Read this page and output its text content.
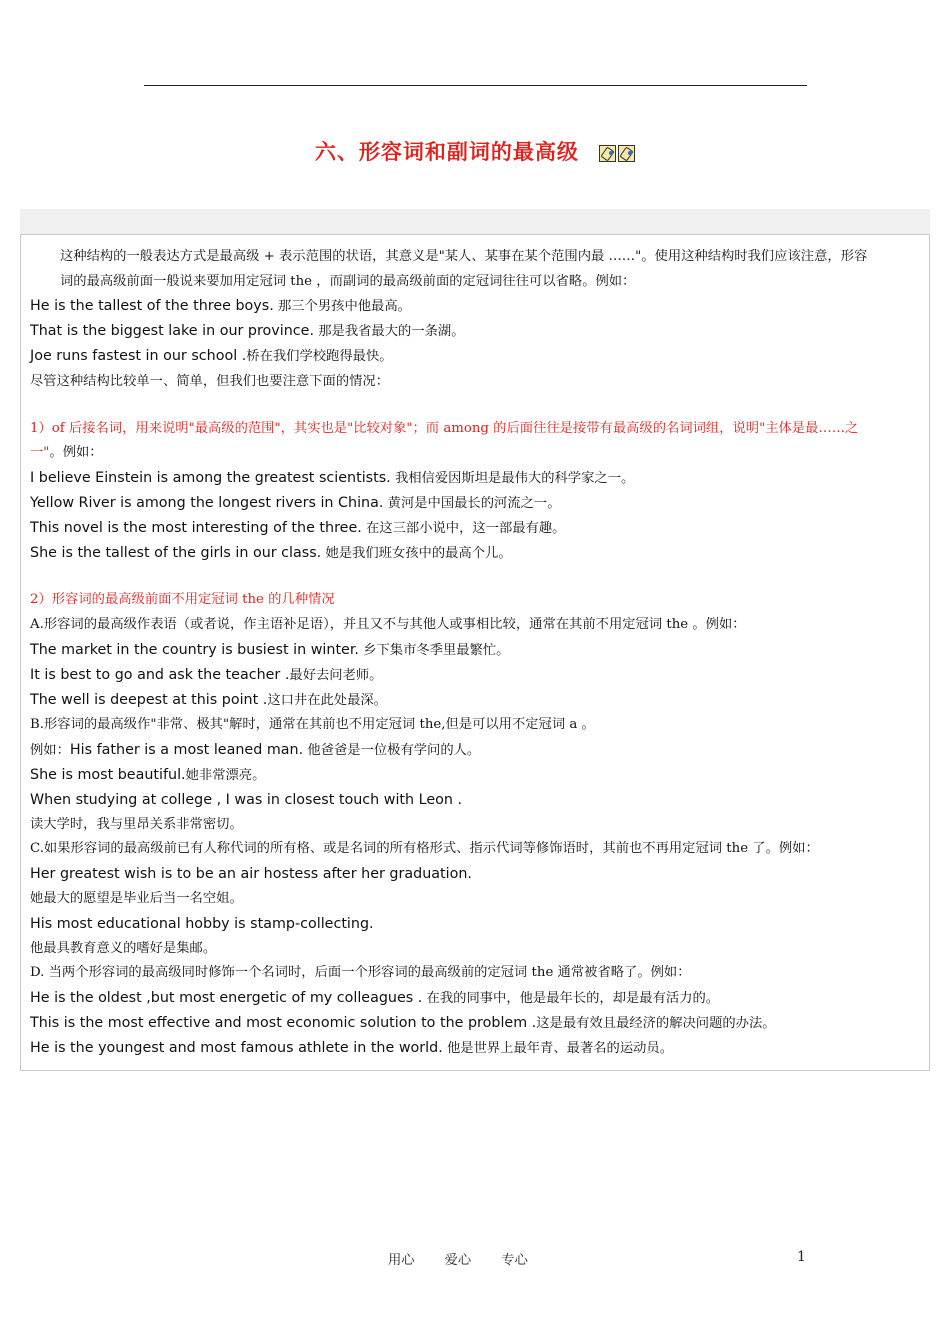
六、形容词和副词的最高级
这种结构的一般表达方式是最高级 + 表示范围的状语，其意义是"某人、某事在某个范围内最 ……"。使用这种结构时我们应该注意，形容
词的最高级前面一般说来要加用定冠词 the ，而副词的最高级前面的定冠词往往可以省略。例如：
He is the tallest of the three boys. 那三个男孩中他最高。
That is the biggest lake in our province. 那是我省最大的一条湖。
Joe runs fastest in our school .桥在我们学校跑得最快。
尽管这种结构比较单一、简单，但我们也要注意下面的情况：
1）of 后接名词，用来说明"最高级的范围"，其实也是"比较对象"；而 among 的后面往往是接带有最高级的名词词组，说明"主体是最……之
一"。例如：
I believe Einstein is among the greatest scientists. 我相信爱因斯坦是最伟大的科学家之一。
Yellow River is among the longest rivers in China. 黄河是中国最长的河流之一。
This novel is the most interesting of the three. 在这三部小说中，这一部最有趣。
She is the tallest of the girls in our class. 她是我们班女孩中的最高个儿。
2）形容词的最高级前面不用定冠词 the 的几种情况
A.形容词的最高级作表语（或者说，作主语补足语），并且又不与其他人或事相比较，通常在其前不用定冠词 the 。例如：
The market in the country is busiest in winter. 乡下集市冬季里最繁忙。
It is best to go and ask the teacher .最好去问老师。
The well is deepest at this point .这口井在此处最深。
B.形容词的最高级作"非常、极其"解时，通常在其前也不用定冠词 the,但是可以用不定冠词 a 。
例如：His father is a most leaned man. 他爸爸是一位极有学问的人。
She is most beautiful.她非常漂亮。
When studying at college , I was in closest touch with Leon .
读大学时，我与里昂关系非常密切。
C.如果形容词的最高级前已有人称代词的所有格、或是名词的所有格形式、指示代词等修饰语时，其前也不再用定冠词 the 了。例如：
Her greatest wish is to be an air hostess after her graduation.
她最大的愿望是毕业后当一名空姐。
His most educational hobby is stamp-collecting.
他最具教育意义的嗜好是集邮。
D. 当两个形容词的最高级同时修饰一个名词时，后面一个形容词的最高级前的定冠词 the 通常被省略了。例如：
He is the oldest ,but most energetic of my colleagues . 在我的同事中，他是最年长的，却是最有活力的。
This is the most effective and most economic solution to the problem .这是最有效且最经济的解决问题的办法。
He is the youngest and most famous athlete in the world. 他是世界上最年青、最著名的运动员。
用心 爱心 专心	1
